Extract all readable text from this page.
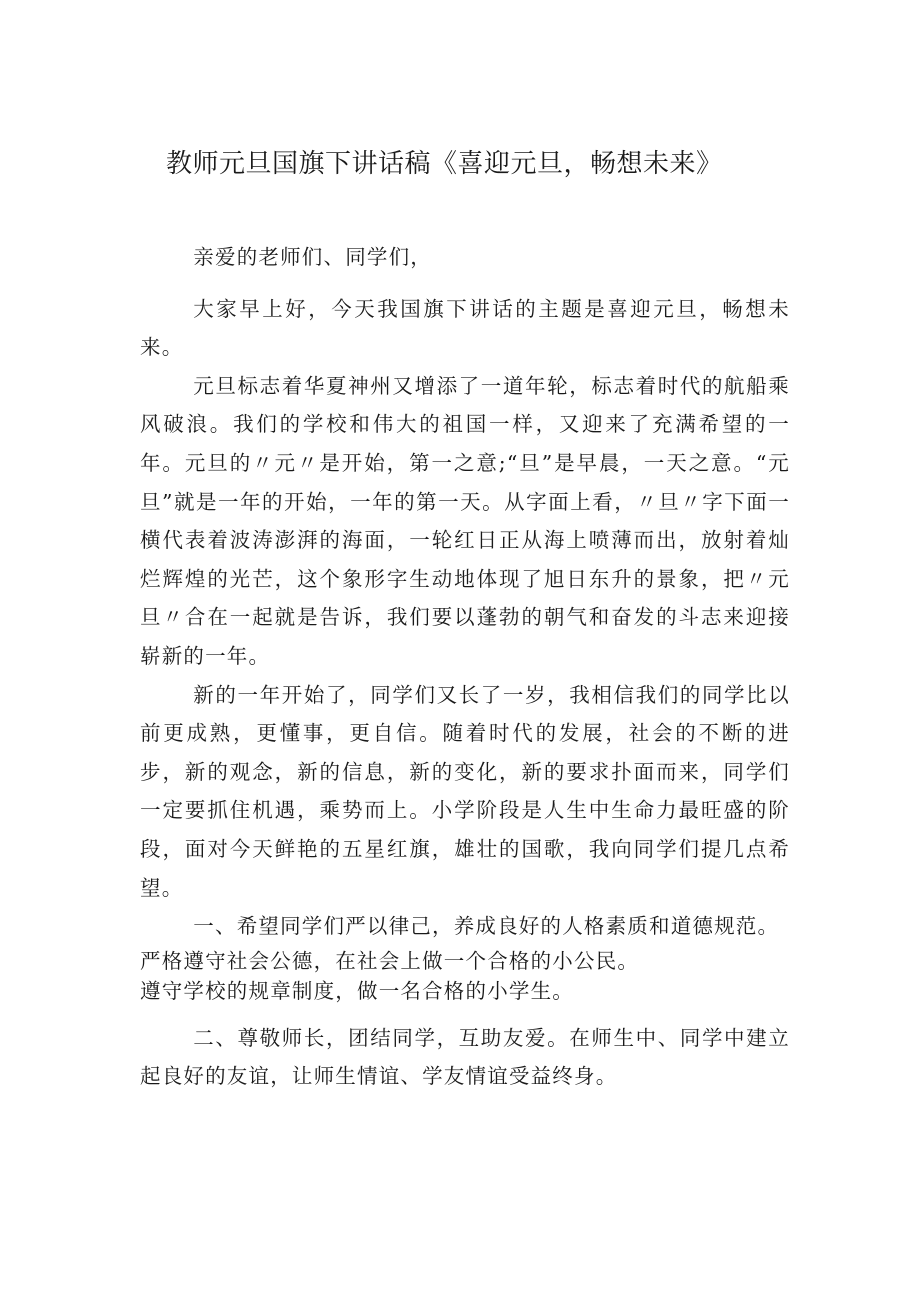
教师元旦国旗下讲话稿《喜迎元旦，畅想未来》

亲爱的老师们、同学们，

大家早上好，今天我国旗下讲话的主题是喜迎元旦，畅想未来。

元旦标志着华夏神州又增添了一道年轮，标志着时代的航船乘风破浪。我们的学校和伟大的祖国一样，又迎来了充满希望的一年。元旦的〃元〃是开始，第一之意;“旦”是早晨，一天之意。“元旦”就是一年的开始，一年的第一天。从字面上看，〃旦〃字下面一横代表着波涛澎湃的海面，一轮红日正从海上喷薄而出，放射着灿烂辉煌的光芒，这个象形字生动地体现了旭日东升的景象，把〃元旦〃合在一起就是告诉，我们要以蓬勃的朝气和奋发的斗志来迎接崭新的一年。

新的一年开始了，同学们又长了一岁，我相信我们的同学比以前更成熟，更懂事，更自信。随着时代的发展，社会的不断的进步，新的观念，新的信息，新的变化，新的要求扑面而来，同学们一定要抓住机遇，乘势而上。小学阶段是人生中生命力最旺盛的阶段，面对今天鲜艳的五星红旗，雄壮的国歌，我向同学们提几点希望。

一、希望同学们严以律己，养成良好的人格素质和道德规范。

严格遵守社会公德，在社会上做一个合格的小公民。

遵守学校的规章制度，做一名合格的小学生。

二、尊敬师长，团结同学，互助友爱。在师生中、同学中建立起良好的友谊，让师生情谊、学友情谊受益终身。
